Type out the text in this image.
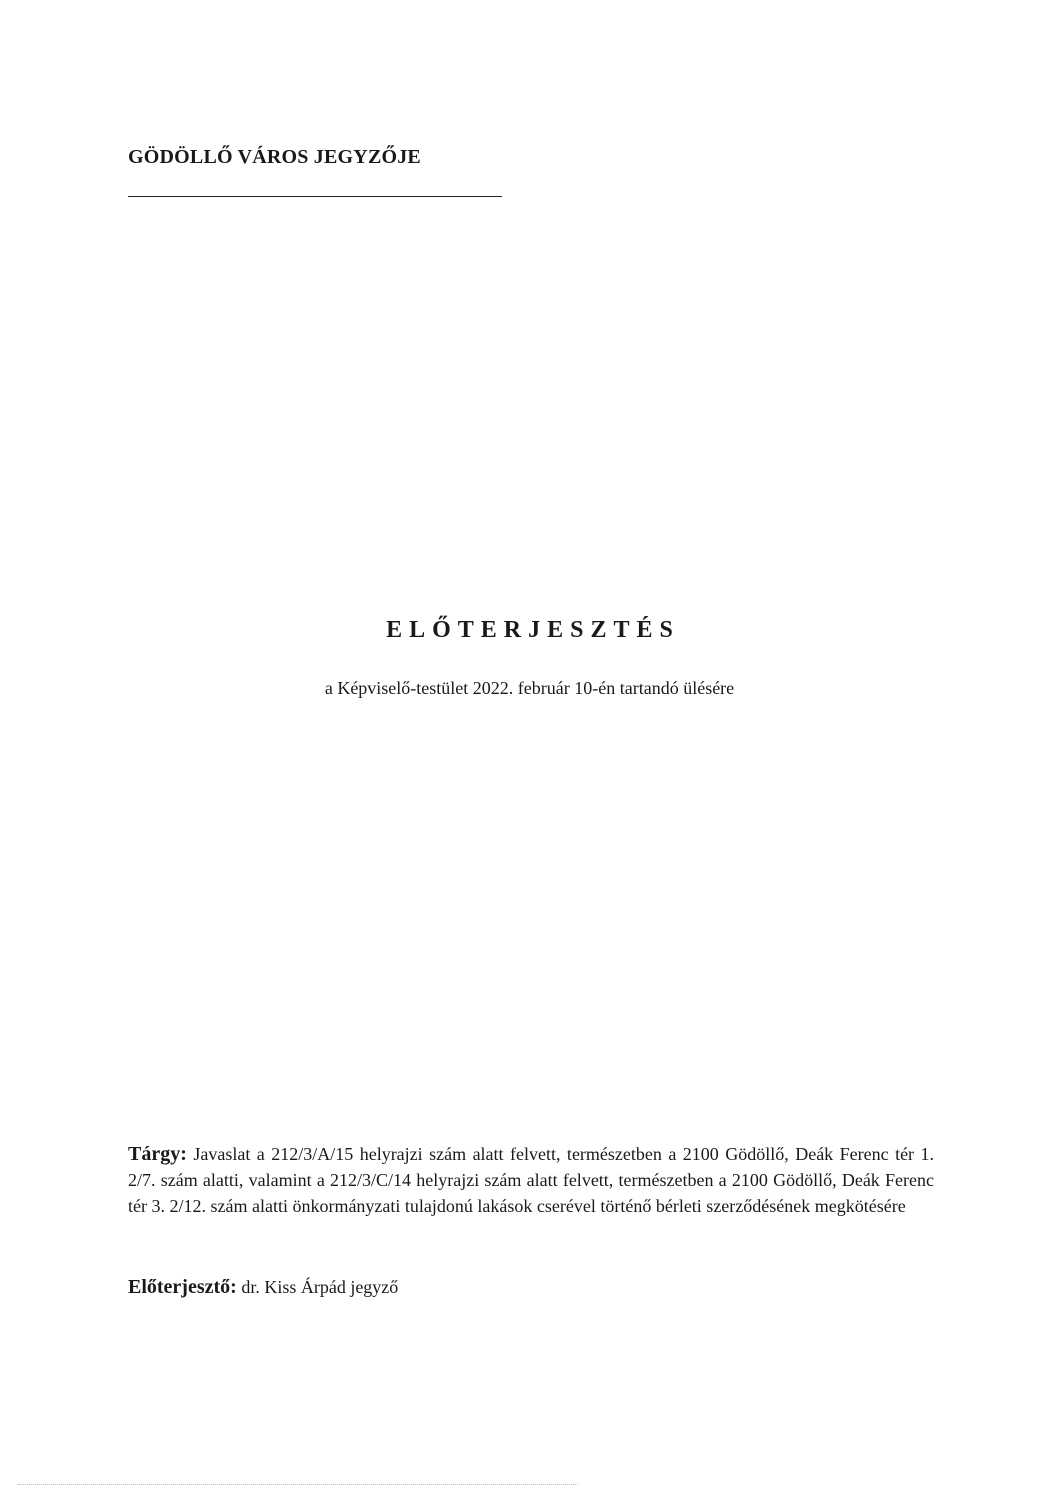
GÖDÖLLŐ VÁROS JEGYZŐJE
ELŐTERJESZTÉS
a Képviselő-testület 2022. február 10-én tartandó ülésére
Tárgy: Javaslat a 212/3/A/15 helyrajzi szám alatt felvett, természetben a 2100 Gödöllő, Deák Ferenc tér 1. 2/7. szám alatti, valamint a 212/3/C/14 helyrajzi szám alatt felvett, természetben a 2100 Gödöllő, Deák Ferenc tér 3. 2/12. szám alatti önkormányzati tulajdonú lakások cserével történő bérleti szerződésének megkötésére
Előterjesztő: dr. Kiss Árpád jegyző
